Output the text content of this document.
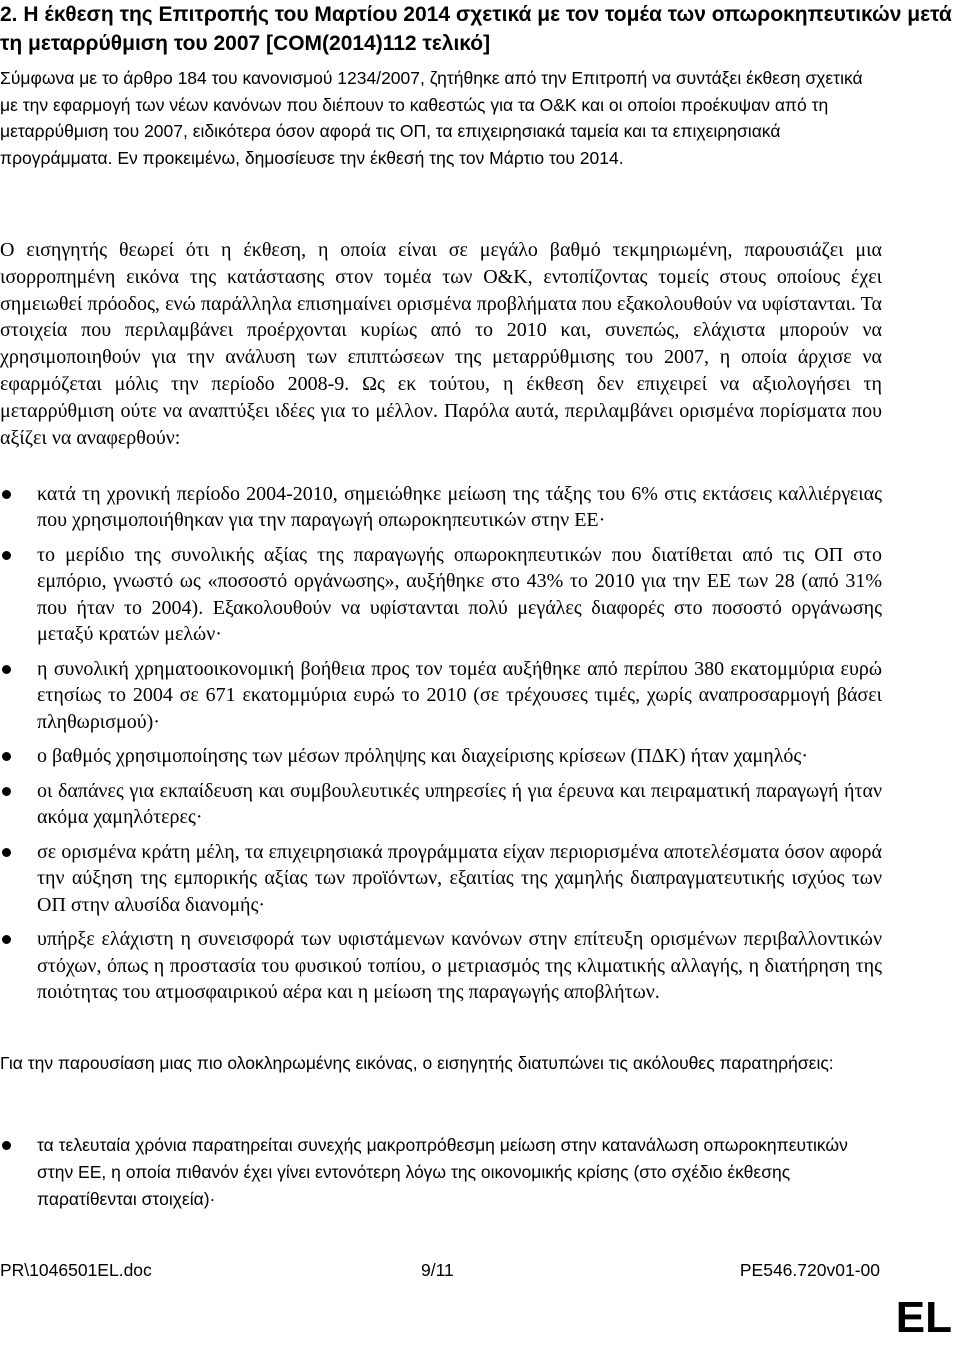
2. Η έκθεση της Επιτροπής του Μαρτίου 2014 σχετικά με τον τομέα των οπωροκηπευτικών μετά τη μεταρρύθμιση του 2007 [COM(2014)112 τελικό]

Σύμφωνα με το άρθρο 184 του κανονισμού 1234/2007, ζητήθηκε από την Επιτροπή να συντάξει έκθεση σχετικά με την εφαρμογή των νέων κανόνων που διέπουν το καθεστώς για τα Ο&Κ και οι οποίοι προέκυψαν από τη μεταρρύθμιση του 2007, ειδικότερα όσον αφορά τις ΟΠ, τα επιχειρησιακά ταμεία και τα επιχειρησιακά προγράμματα. Εν προκειμένω, δημοσίευσε την έκθεσή της τον Μάρτιο του 2014.

Ο εισηγητής θεωρεί ότι η έκθεση, η οποία είναι σε μεγάλο βαθμό τεκμηριωμένη, παρουσιάζει μια ισορροπημένη εικόνα της κατάστασης στον τομέα των Ο&Κ, εντοπίζοντας τομείς στους οποίους έχει σημειωθεί πρόοδος, ενώ παράλληλα επισημαίνει ορισμένα προβλήματα που εξακολουθούν να υφίστανται. Τα στοιχεία που περιλαμβάνει προέρχονται κυρίως από το 2010 και, συνεπώς, ελάχιστα μπορούν να χρησιμοποιηθούν για την ανάλυση των επιπτώσεων της μεταρρύθμισης του 2007, η οποία άρχισε να εφαρμόζεται μόλις την περίοδο 2008-9. Ως εκ τούτου, η έκθεση δεν επιχειρεί να αξιολογήσει τη μεταρρύθμιση ούτε να αναπτύξει ιδέες για το μέλλον. Παρόλα αυτά, περιλαμβάνει ορισμένα πορίσματα που αξίζει να αναφερθούν:

κατά τη χρονική περίοδο 2004-2010, σημειώθηκε μείωση της τάξης του 6% στις εκτάσεις καλλιέργειας που χρησιμοποιήθηκαν για την παραγωγή οπωροκηπευτικών στην ΕΕ·
το μερίδιο της συνολικής αξίας της παραγωγής οπωροκηπευτικών που διατίθεται από τις ΟΠ στο εμπόριο, γνωστό ως «ποσοστό οργάνωσης», αυξήθηκε στο 43% το 2010 για την ΕΕ των 28 (από 31% που ήταν το 2004). Εξακολουθούν να υφίστανται πολύ μεγάλες διαφορές στο ποσοστό οργάνωσης μεταξύ κρατών μελών·
η συνολική χρηματοοικονομική βοήθεια προς τον τομέα αυξήθηκε από περίπου 380 εκατομμύρια ευρώ ετησίως το 2004 σε 671 εκατομμύρια ευρώ το 2010 (σε τρέχουσες τιμές, χωρίς αναπροσαρμογή βάσει πληθωρισμού)·
ο βαθμός χρησιμοποίησης των μέσων πρόληψης και διαχείρισης κρίσεων (ΠΔΚ) ήταν χαμηλός·
οι δαπάνες για εκπαίδευση και συμβουλευτικές υπηρεσίες ή για έρευνα και πειραματική παραγωγή ήταν ακόμα χαμηλότερες·
σε ορισμένα κράτη μέλη, τα επιχειρησιακά προγράμματα είχαν περιορισμένα αποτελέσματα όσον αφορά την αύξηση της εμπορικής αξίας των προϊόντων, εξαιτίας της χαμηλής διαπραγματευτικής ισχύος των ΟΠ στην αλυσίδα διανομής·
υπήρξε ελάχιστη η συνεισφορά των υφιστάμενων κανόνων στην επίτευξη ορισμένων περιβαλλοντικών στόχων, όπως η προστασία του φυσικού τοπίου, ο μετριασμός της κλιματικής αλλαγής, η διατήρηση της ποιότητας του ατμοσφαιρικού αέρα και η μείωση της παραγωγής αποβλήτων.

Για την παρουσίαση μιας πιο ολοκληρωμένης εικόνας, ο εισηγητής διατυπώνει τις ακόλουθες παρατηρήσεις:

τα τελευταία χρόνια παρατηρείται συνεχής μακροπρόθεσμη μείωση στην κατανάλωση οπωροκηπευτικών στην ΕΕ, η οποία πιθανόν έχει γίνει εντονότερη λόγω της οικονομικής κρίσης (στο σχέδιο έκθεσης παρατίθενται στοιχεία)·
PR\1046501EL.doc	9/11	PE546.720v01-00
EL
